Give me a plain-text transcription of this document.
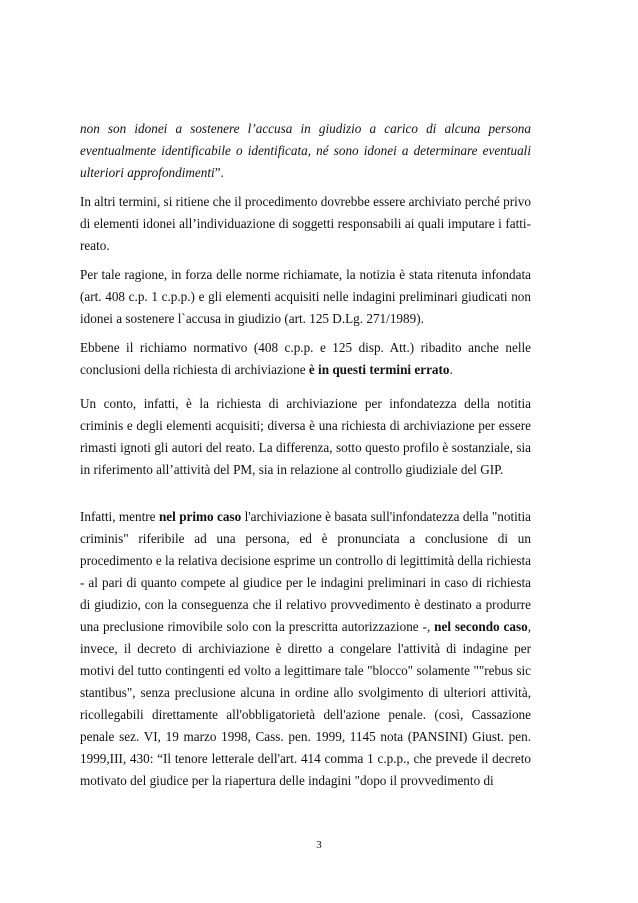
non son idonei a sostenere l’accusa in giudizio a carico di alcuna persona eventualmente identificabile o identificata, né sono idonei a determinare eventuali ulteriori approfondimenti”.

In altri termini, si ritiene che il procedimento dovrebbe essere archiviato perché privo di elementi idonei all’individuazione di soggetti responsabili ai quali imputare i fatti-reato.

Per tale ragione, in forza delle norme richiamate, la notizia è stata ritenuta infondata (art. 408 c.p. 1 c.p.p.) e gli elementi acquisiti nelle indagini preliminari giudicati non idonei a sostenere l`accusa in giudizio (art. 125 D.Lg. 271/1989).

Ebbene il richiamo normativo (408 c.p.p. e 125 disp. Att.) ribadito anche nelle conclusioni della richiesta di archiviazione è in questi termini errato.

Un conto, infatti, è la richiesta di archiviazione per infondatezza della notitia criminis e degli elementi acquisiti; diversa è una richiesta di archiviazione per essere rimasti ignoti gli autori del reato. La differenza, sotto questo profilo è sostanziale, sia in riferimento all’attività del PM, sia in relazione al controllo giudiziale del GIP.

Infatti, mentre nel primo caso l'archiviazione è basata sull'infondatezza della "notitia criminis" riferibile ad una persona, ed è pronunciata a conclusione di un procedimento e la relativa decisione esprime un controllo di legittimità della richiesta - al pari di quanto compete al giudice per le indagini preliminari in caso di richiesta di giudizio, con la conseguenza che il relativo provvedimento è destinato a produrre una preclusione rimovibile solo con la prescritta autorizzazione -, nel secondo caso, invece, il decreto di archiviazione è diretto a congelare l'attività di indagine per motivi del tutto contingenti ed volto a legittimare tale "blocco" solamente ""rebus sic stantibus", senza preclusione alcuna in ordine allo svolgimento di ulteriori attività, ricollegabili direttamente all'obbligatorietà dell'azione penale. (così, Cassazione penale sez. VI, 19 marzo 1998, Cass. pen. 1999, 1145 nota (PANSINI) Giust. pen. 1999,III, 430: “Il tenore letterale dell'art. 414 comma 1 c.p.p., che prevede il decreto motivato del giudice per la riapertura delle indagini "dopo il provvedimento di

3
